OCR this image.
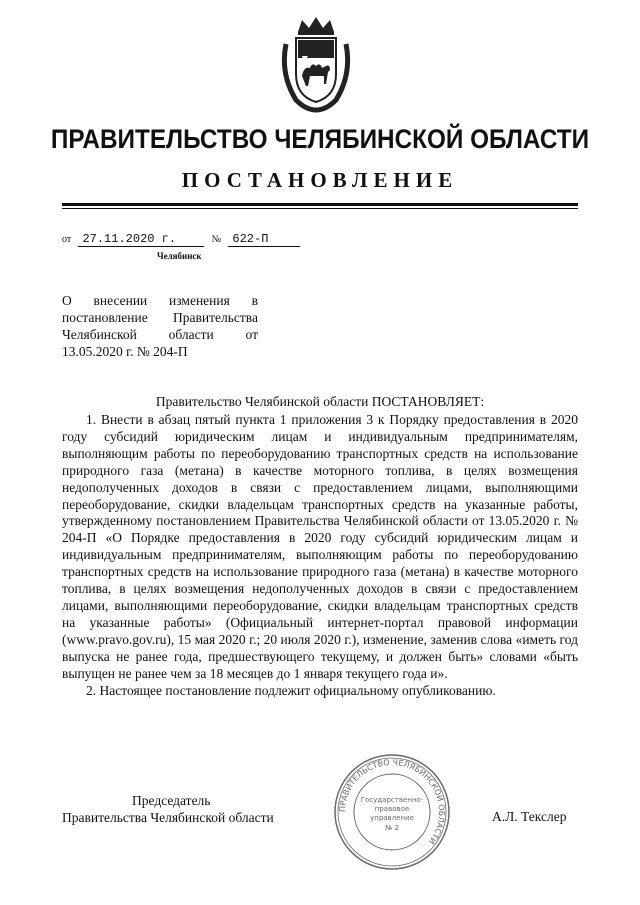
ПРАВИТЕЛЬСТВО ЧЕЛЯБИНСКОЙ ОБЛАСТИ
ПОСТАНОВЛЕНИЕ
от 27.11.2020 г.	№ 622-П
Челябинск
О внесении изменения в постановление Правительства Челябинской области от 13.05.2020 г. № 204-П
Правительство Челябинской области ПОСТАНОВЛЯЕТ:

1. Внести в абзац пятый пункта 1 приложения 3 к Порядку предоставления в 2020 году субсидий юридическим лицам и индивидуальным предпринимателям, выполняющим работы по переоборудованию транспортных средств на использование природного газа (метана) в качестве моторного топлива, в целях возмещения недополученных доходов в связи с предоставлением лицами, выполняющими переоборудование, скидки владельцам транспортных средств на указанные работы, утвержденному постановлением Правительства Челябинской области от 13.05.2020 г. № 204-П «О Порядке предоставления в 2020 году субсидий юридическим лицам и индивидуальным предпринимателям, выполняющим работы по переоборудованию транспортных средств на использование природного газа (метана) в качестве моторного топлива, в целях возмещения недополученных доходов в связи с предоставлением лицами, выполняющими переоборудование, скидки владельцам транспортных средств на указанные работы» (Официальный интернет-портал правовой информации (www.pravo.gov.ru), 15 мая 2020 г.; 20 июля 2020 г.), изменение, заменив слова «иметь год выпуска не ранее года, предшествующего текущему, и должен быть» словами «быть выпущен не ранее чем за 18 месяцев до 1 января текущего года и».

2. Настоящее постановление подлежит официальному опубликованию.

Председатель
Правительства Челябинской области	А.Л. Текслер
ПРАВИТЕЛЬСТВО ЧЕЛЯБИНСКОЙ ОБЛАСТИ
Государственно-
правовое
управление
№ 2
